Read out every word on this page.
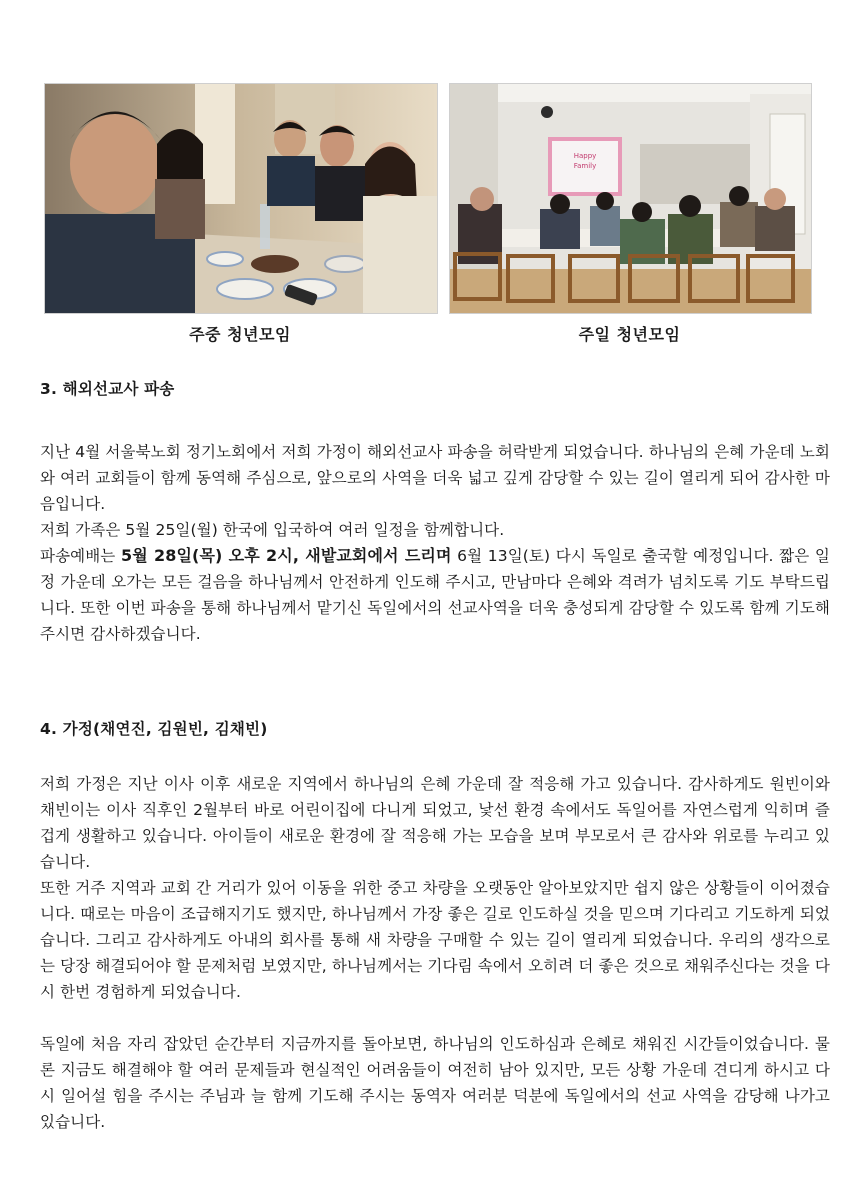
Happy
Family
주중 청년모임	주일 청년모임
3. 해외선교사 파송

지난 4월 서울북노회 정기노회에서 저희 가정이 해외선교사 파송을 허락받게 되었습니다. 하나님의 은혜 가운데 노회와 여러 교회들이 함께 동역해 주심으로, 앞으로의 사역을 더욱 넓고 깊게 감당할 수 있는 길이 열리게 되어 감사한 마음입니다.

저희 가족은 5월 25일(월) 한국에 입국하여 여러 일정을 함께합니다.

파송예배는 5월 28일(목) 오후 2시, 새밭교회에서 드리며 6월 13일(토) 다시 독일로 출국할 예정입니다. 짧은 일정 가운데 오가는 모든 걸음을 하나님께서 안전하게 인도해 주시고, 만남마다 은혜와 격려가 넘치도록 기도 부탁드립니다. 또한 이번 파송을 통해 하나님께서 맡기신 독일에서의 선교사역을 더욱 충성되게 감당할 수 있도록 함께 기도해 주시면 감사하겠습니다.

4. 가정(채연진, 김원빈, 김채빈)

저희 가정은 지난 이사 이후 새로운 지역에서 하나님의 은혜 가운데 잘 적응해 가고 있습니다. 감사하게도 원빈이와 채빈이는 이사 직후인 2월부터 바로 어린이집에 다니게 되었고, 낯선 환경 속에서도 독일어를 자연스럽게 익히며 즐겁게 생활하고 있습니다. 아이들이 새로운 환경에 잘 적응해 가는 모습을 보며 부모로서 큰 감사와 위로를 누리고 있습니다.

또한 거주 지역과 교회 간 거리가 있어 이동을 위한 중고 차량을 오랫동안 알아보았지만 쉽지 않은 상황들이 이어졌습니다. 때로는 마음이 조급해지기도 했지만, 하나님께서 가장 좋은 길로 인도하실 것을 믿으며 기다리고 기도하게 되었습니다. 그리고 감사하게도 아내의 회사를 통해 새 차량을 구매할 수 있는 길이 열리게 되었습니다. 우리의 생각으로는 당장 해결되어야 할 문제처럼 보였지만, 하나님께서는 기다림 속에서 오히려 더 좋은 것으로 채워주신다는 것을 다시 한번 경험하게 되었습니다.

독일에 처음 자리 잡았던 순간부터 지금까지를 돌아보면, 하나님의 인도하심과 은혜로 채워진 시간들이었습니다. 물론 지금도 해결해야 할 여러 문제들과 현실적인 어려움들이 여전히 남아 있지만, 모든 상황 가운데 견디게 하시고 다시 일어설 힘을 주시는 주님과 늘 함께 기도해 주시는 동역자 여러분 덕분에 독일에서의 선교 사역을 감당해 나가고 있습니다.
